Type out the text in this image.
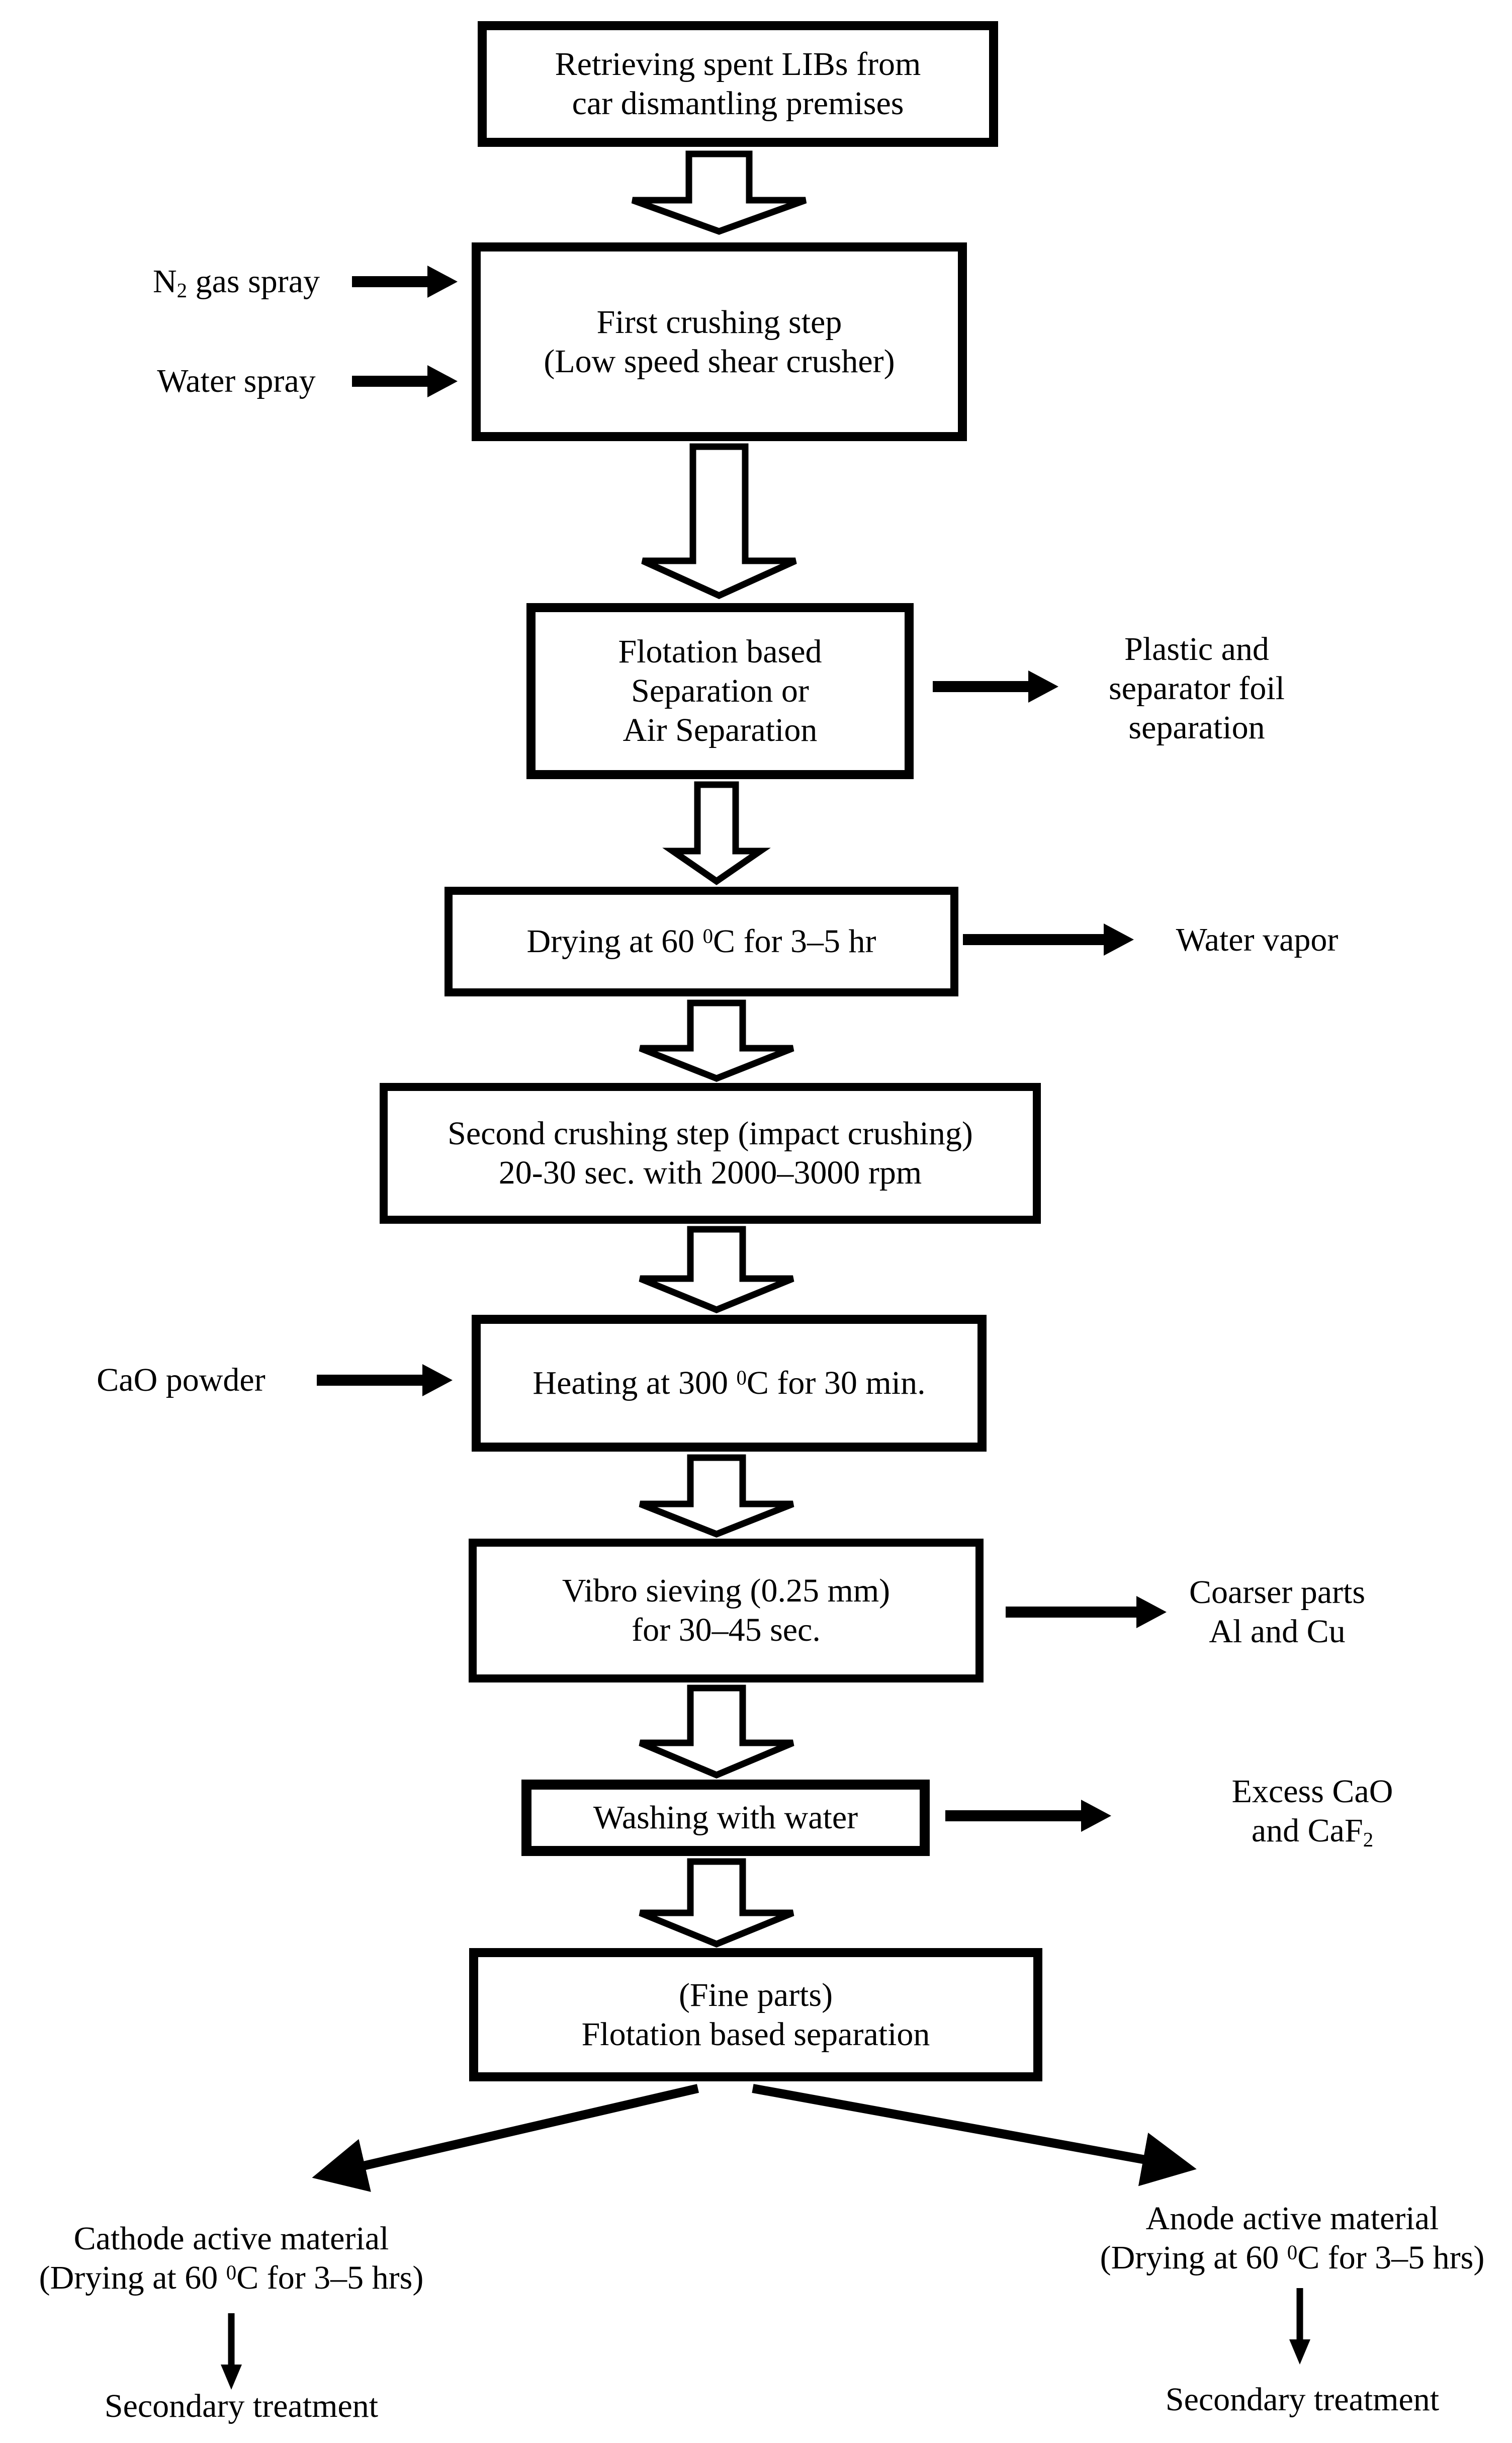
Retrieving spent LIBs from
car dismantling premises
First crushing step
(Low speed shear crusher)
$N_2$ gas spray
Water spray
Flotation based
Separation or
Air Separation
Plastic and
separator foil
separation
Drying at 60 $^0$C for 3–5 hr	Water vapor
Second crushing step (impact crushing)
20-30 sec. with 2000–3000 rpm
CaO powder	Heating at 300 $^0$C for 30 min.
Vibro sieving (0.25 mm)
for 30–45 sec.
Coarser parts
Al and Cu
Washing with water
Excess CaO
and CaF$_2$
(Fine parts)
Flotation based separation
Cathode active material
(Drying at 60 $^0$C for 3–5 hrs)
Secondary treatment
Anode active material
(Drying at 60 $^0$C for 3–5 hrs)
Secondary treatment
